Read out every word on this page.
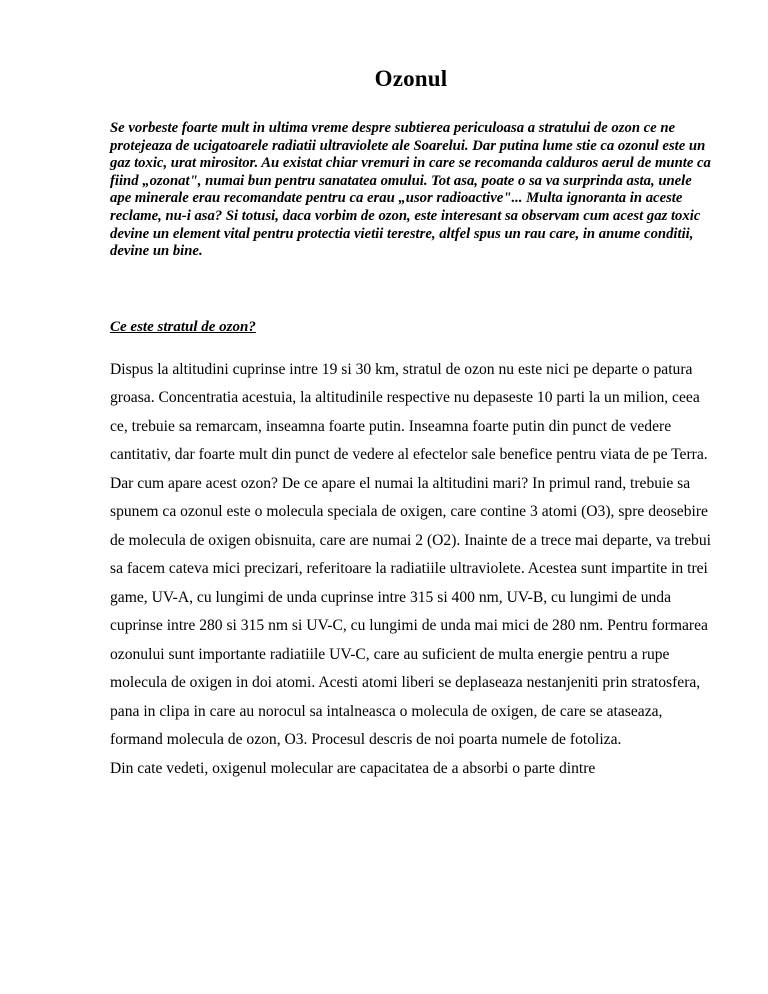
Ozonul

Se vorbeste foarte mult in ultima vreme despre subtierea periculoasa a stratului de ozon ce ne protejeaza de ucigatoarele radiatii ultraviolete ale Soarelui. Dar putina lume stie ca ozonul este un gaz toxic, urat mirositor. Au existat chiar vremuri in care se recomanda calduros aerul de munte ca fiind „ozonat", numai bun pentru sanatatea omului. Tot asa, poate o sa va surprinda asta, unele ape minerale erau recomandate pentru ca erau „usor radioactive"... Multa ignoranta in aceste reclame, nu-i asa? Si totusi, daca vorbim de ozon, este interesant sa observam cum acest gaz toxic devine un element vital pentru protectia vietii terestre, altfel spus un rau care, in anume conditii, devine un bine.

Ce este stratul de ozon?

Dispus la altitudini cuprinse intre 19 si 30 km, stratul de ozon nu este nici pe departe o patura groasa. Concentratia acestuia, la altitudinile respective nu depaseste 10 parti la un milion, ceea ce, trebuie sa remarcam, inseamna foarte putin. Inseamna foarte putin din punct de vedere cantitativ, dar foarte mult din punct de vedere al efectelor sale benefice pentru viata de pe Terra. Dar cum apare acest ozon? De ce apare el numai la altitudini mari? In primul rand, trebuie sa spunem ca ozonul este o molecula speciala de oxigen, care contine 3 atomi (O3), spre deosebire de molecula de oxigen obisnuita, care are numai 2 (O2). Inainte de a trece mai departe, va trebui sa facem cateva mici precizari, referitoare la radiatiile ultraviolete. Acestea sunt impartite in trei game, UV-A, cu lungimi de unda cuprinse intre 315 si 400 nm, UV-B, cu lungimi de unda cuprinse intre 280 si 315 nm si UV-C, cu lungimi de unda mai mici de 280 nm. Pentru formarea ozonului sunt importante radiatiile UV-C, care au suficient de multa energie pentru a rupe molecula de oxigen in doi atomi. Acesti atomi liberi se deplaseaza nestanjeniti prin stratosfera, pana in clipa in care au norocul sa intalneasca o molecula de oxigen, de care se ataseaza, formand molecula de ozon, O3. Procesul descris de noi poarta numele de fotoliza.

Din cate vedeti, oxigenul molecular are capacitatea de a absorbi o parte dintre
